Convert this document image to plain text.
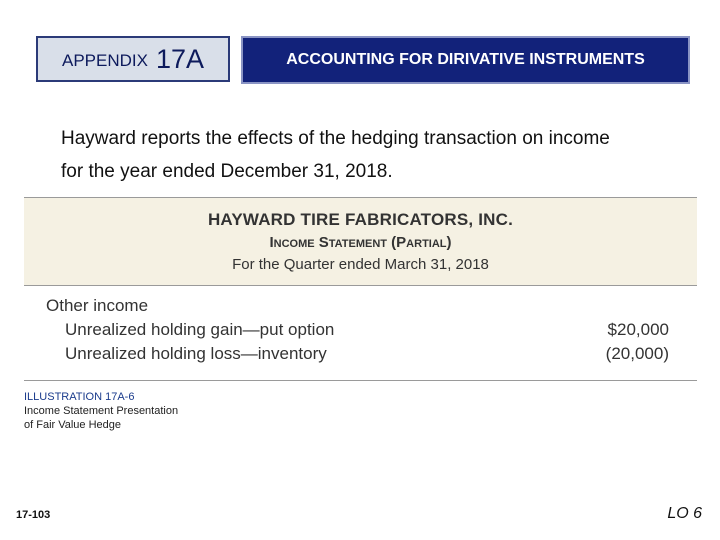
APPENDIX 17A	ACCOUNTING FOR DIRIVATIVE INSTRUMENTS
Hayward reports the effects of the hedging transaction on income
for the year ended December 31, 2018.
HAYWARD TIRE FABRICATORS, INC.
Income Statement (Partial)
For the Quarter ended March 31, 2018
Other income
Unrealized holding gain—put option	$20,000
Unrealized holding loss—inventory	(20,000)
ILLUSTRATION 17A-6
Income Statement Presentation
of Fair Value Hedge
17-103	LO 6
